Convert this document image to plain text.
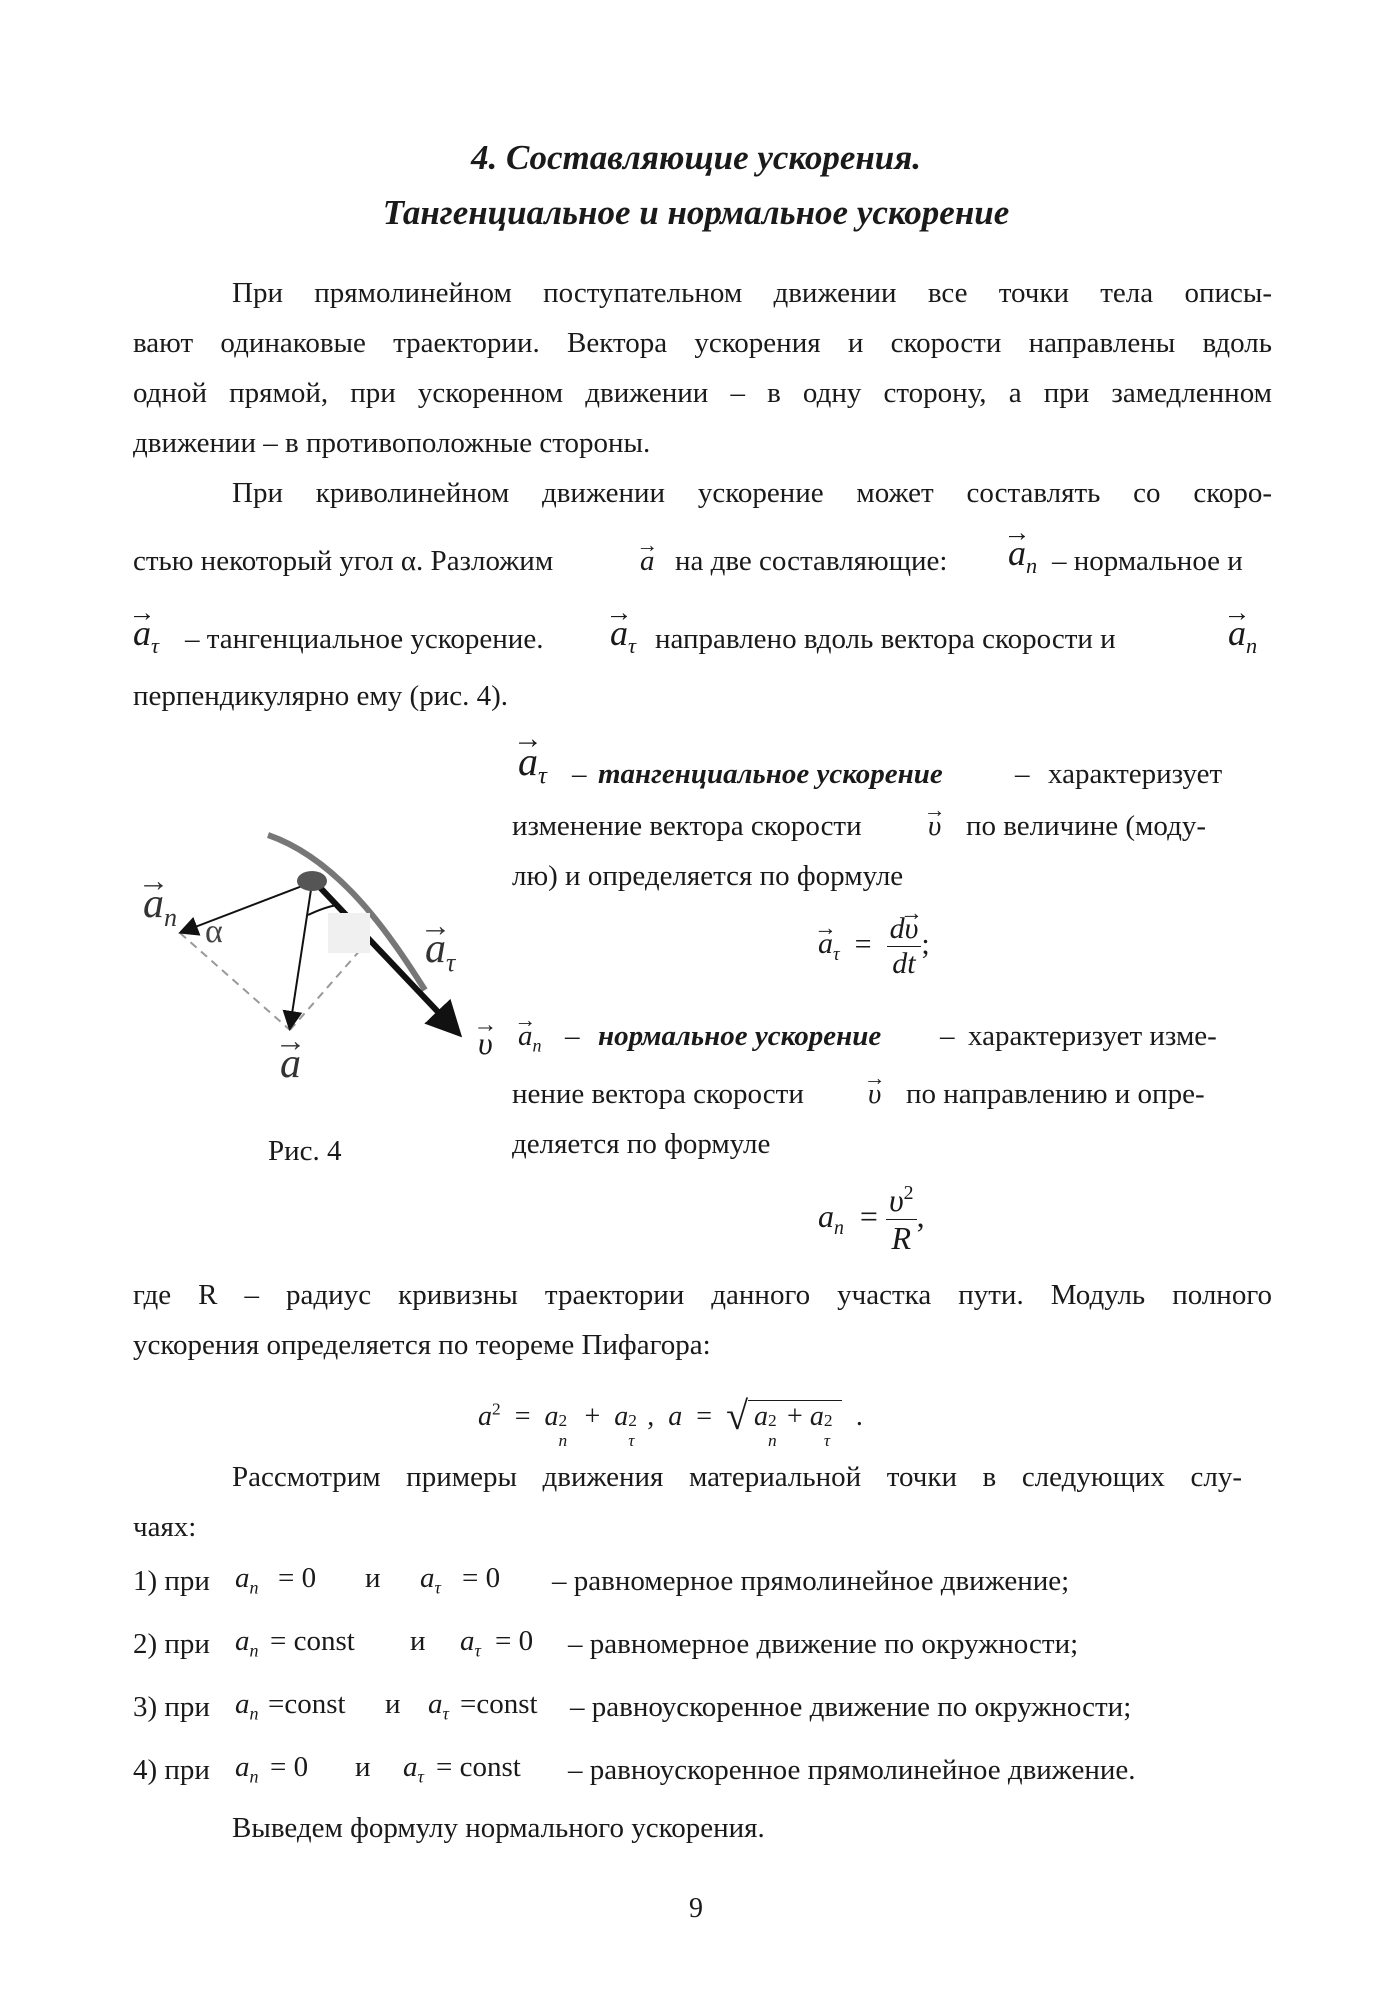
4. Составляющие ускорения.
Тангенциальное и нормальное ускорение
При прямолинейном поступательном движении все точки тела описы-
вают одинаковые траектории. Вектора ускорения и скорости направлены вдоль
одной прямой, при ускоренном движении – в одну сторону, а при замедленном
движении – в противоположные стороны.
При криволинейном движении ускорение может составлять со скоро-
стью некоторый угол α. Разложим	→ a на две составляющие: → $a_n$ – нормальное и
→ $a_\tau$ – тангенциальное ускорение. → $a_\tau$ направлено вдоль вектора скорости и	→ $a_n$
перпендикулярно ему (рис. 4).
α
→ $a_n$
→ $a_\tau$
→ a	→ υ
Рис. 4
→ $a_\tau$ – тангенциальное ускорение – характеризует
изменение вектора скорости → υ по величине (моду-
лю) и определяется по формуле
→ $a_\tau = \frac{d\to \upsilon}{dt}$ ;
→ $a_n$ – нормальное ускорение – характеризует изме-
нение вектора скорости → υ по направлению и опре-
деляется по формуле
$a_n = \frac{\upsilon^2}{R}$ ,
где R – радиус кривизны траектории данного участка пути. Модуль полного
ускорения определяется по теореме Пифагора:
$a^2 = a$ 2
n
+  a 2
τ
, a  =  √ a 2
n
+ a 2
τ
.
Рассмотрим примеры движения материальной точки в следующих слу-
чаях:
1) при $a_n = 0$ и $a_\tau = 0$ – равномерное прямолинейное движение;
2) при $a_n$ = const и $a_\tau = 0$ – равномерное движение по окружности;
3) при $a_n$ =const и $a_\tau$ =const – равноускоренное движение по окружности;
4) при $a_n = 0$ и $a_\tau$ = const – равноускоренное прямолинейное движение.
Выведем формулу нормального ускорения.
9
